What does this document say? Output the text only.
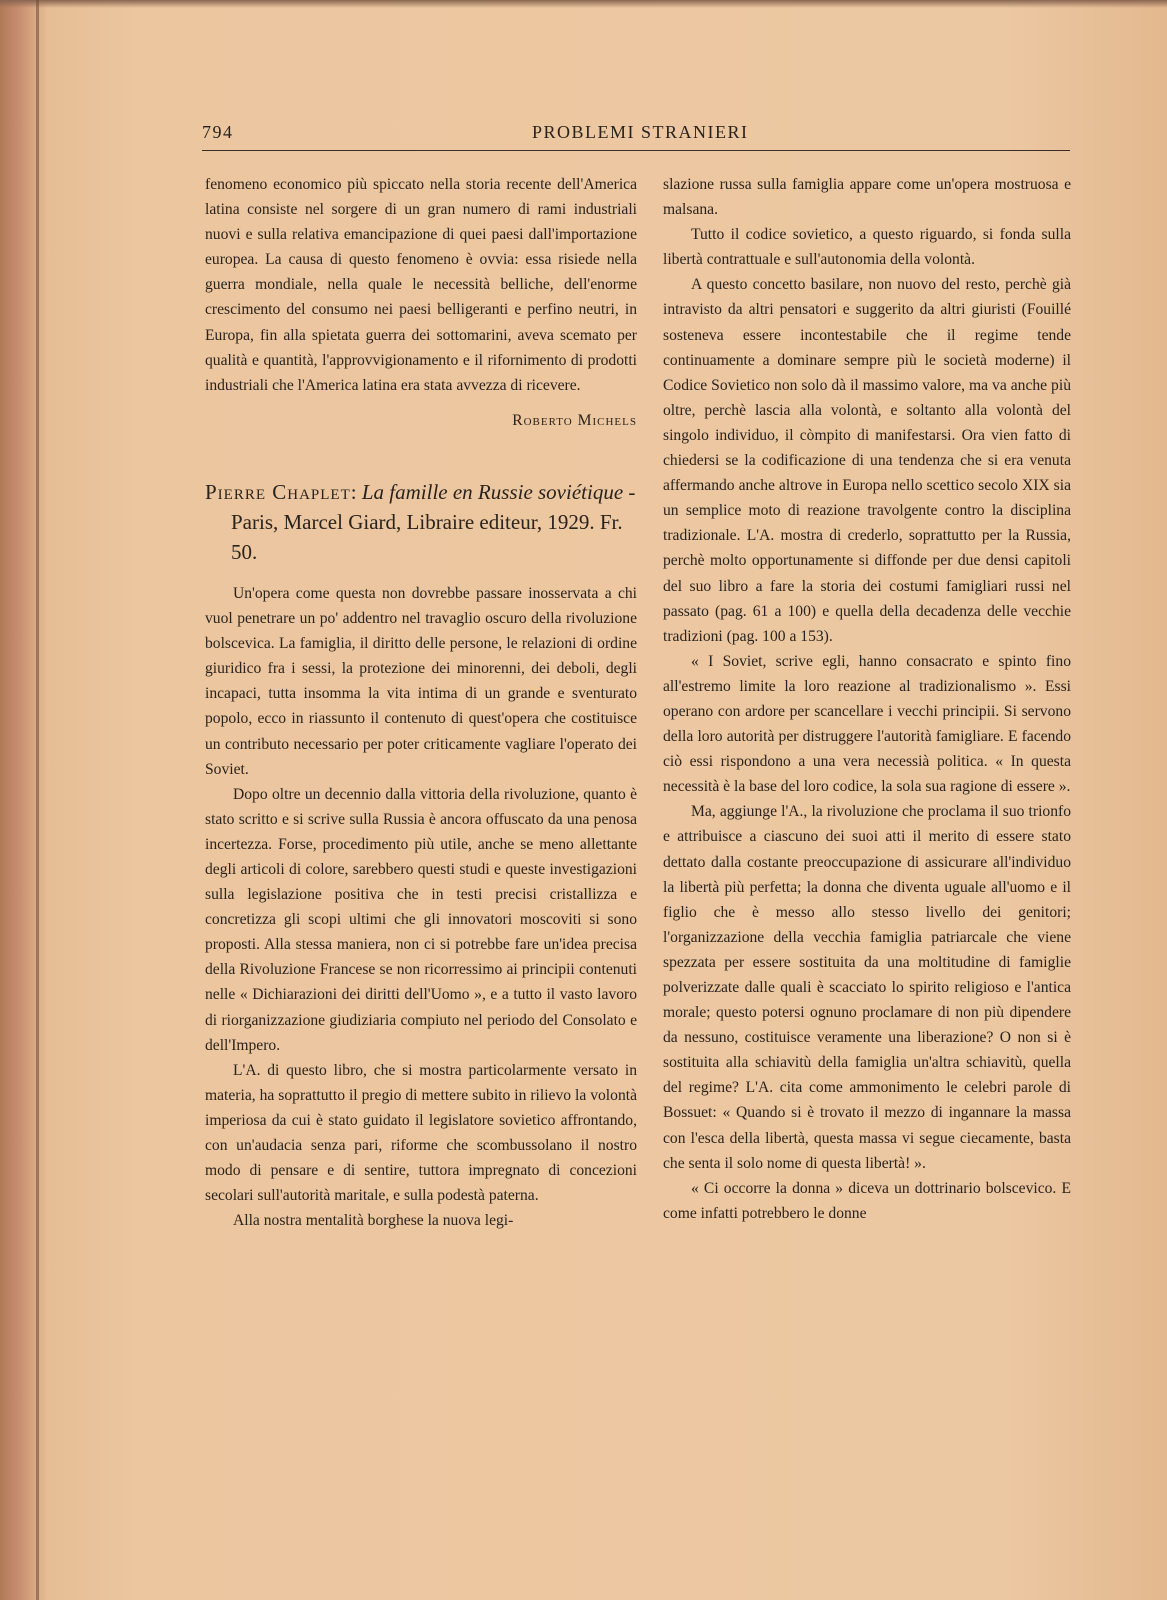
794	PROBLEMI STRANIERI

fenomeno economico più spiccato nella storia recente dell'America latina consiste nel sorgere di un gran numero di rami industriali nuovi e sulla relativa emancipazione di quei paesi dall'importazione europea. La causa di questo fenomeno è ovvia: essa risiede nella guerra mondiale, nella quale le necessità belliche, dell'enorme crescimento del consumo nei paesi belligeranti e perfino neutri, in Europa, fin alla spietata guerra dei sottomarini, aveva scemato per qualità e quantità, l'approvvigionamento e il rifornimento di prodotti industriali che l'America latina era stata avvezza di ricevere.

Roberto Michels

Pierre Chaplet: La famille en Russie soviétique - Paris, Marcel Giard, Libraire editeur, 1929. Fr. 50.

Un'opera come questa non dovrebbe passare inosservata a chi vuol penetrare un po' addentro nel travaglio oscuro della rivoluzione bolscevica. La famiglia, il diritto delle persone, le relazioni di ordine giuridico fra i sessi, la protezione dei minorenni, dei deboli, degli incapaci, tutta insomma la vita intima di un grande e sventurato popolo, ecco in riassunto il contenuto di quest'opera che costituisce un contributo necessario per poter criticamente vagliare l'operato dei Soviet.

Dopo oltre un decennio dalla vittoria della rivoluzione, quanto è stato scritto e si scrive sulla Russia è ancora offuscato da una penosa incertezza. Forse, procedimento più utile, anche se meno allettante degli articoli di colore, sarebbero questi studi e queste investigazioni sulla legislazione positiva che in testi precisi cristallizza e concretizza gli scopi ultimi che gli innovatori moscoviti si sono proposti. Alla stessa maniera, non ci si potrebbe fare un'idea precisa della Rivoluzione Francese se non ricorressimo ai principii contenuti nelle « Dichiarazioni dei diritti dell'Uomo », e a tutto il vasto lavoro di riorganizzazione giudiziaria compiuto nel periodo del Consolato e dell'Impero.

L'A. di questo libro, che si mostra particolarmente versato in materia, ha soprattutto il pregio di mettere subito in rilievo la volontà imperiosa da cui è stato guidato il legislatore sovietico affrontando, con un'audacia senza pari, riforme che scombussolano il nostro modo di pensare e di sentire, tuttora impregnato di concezioni secolari sull'autorità maritale, e sulla podestà paterna.

Alla nostra mentalità borghese la nuova legi-

slazione russa sulla famiglia appare come un'opera mostruosa e malsana.

Tutto il codice sovietico, a questo riguardo, si fonda sulla libertà contrattuale e sull'autonomia della volontà.

A questo concetto basilare, non nuovo del resto, perchè già intravisto da altri pensatori e suggerito da altri giuristi (Fouillé sosteneva essere incontestabile che il regime tende continuamente a dominare sempre più le società moderne) il Codice Sovietico non solo dà il massimo valore, ma va anche più oltre, perchè lascia alla volontà, e soltanto alla volontà del singolo individuo, il còmpito di manifestarsi. Ora vien fatto di chiedersi se la codificazione di una tendenza che si era venuta affermando anche altrove in Europa nello scettico secolo XIX sia un semplice moto di reazione travolgente contro la disciplina tradizionale. L'A. mostra di crederlo, soprattutto per la Russia, perchè molto opportunamente si diffonde per due densi capitoli del suo libro a fare la storia dei costumi famigliari russi nel passato (pag. 61 a 100) e quella della decadenza delle vecchie tradizioni (pag. 100 a 153).

« I Soviet, scrive egli, hanno consacrato e spinto fino all'estremo limite la loro reazione al tradizionalismo ». Essi operano con ardore per scancellare i vecchi principii. Si servono della loro autorità per distruggere l'autorità famigliare. E facendo ciò essi rispondono a una vera necessià politica. « In questa necessità è la base del loro codice, la sola sua ragione di essere ».

Ma, aggiunge l'A., la rivoluzione che proclama il suo trionfo e attribuisce a ciascuno dei suoi atti il merito di essere stato dettato dalla costante preoccupazione di assicurare all'individuo la libertà più perfetta; la donna che diventa uguale all'uomo e il figlio che è messo allo stesso livello dei genitori; l'organizzazione della vecchia famiglia patriarcale che viene spezzata per essere sostituita da una moltitudine di famiglie polverizzate dalle quali è scacciato lo spirito religioso e l'antica morale; questo potersi ognuno proclamare di non più dipendere da nessuno, costituisce veramente una liberazione? O non si è sostituita alla schiavitù della famiglia un'altra schiavitù, quella del regime? L'A. cita come ammonimento le celebri parole di Bossuet: « Quando si è trovato il mezzo di ingannare la massa con l'esca della libertà, questa massa vi segue ciecamente, basta che senta il solo nome di questa libertà! ».

« Ci occorre la donna » diceva un dottrinario bolscevico. E come infatti potrebbero le donne
